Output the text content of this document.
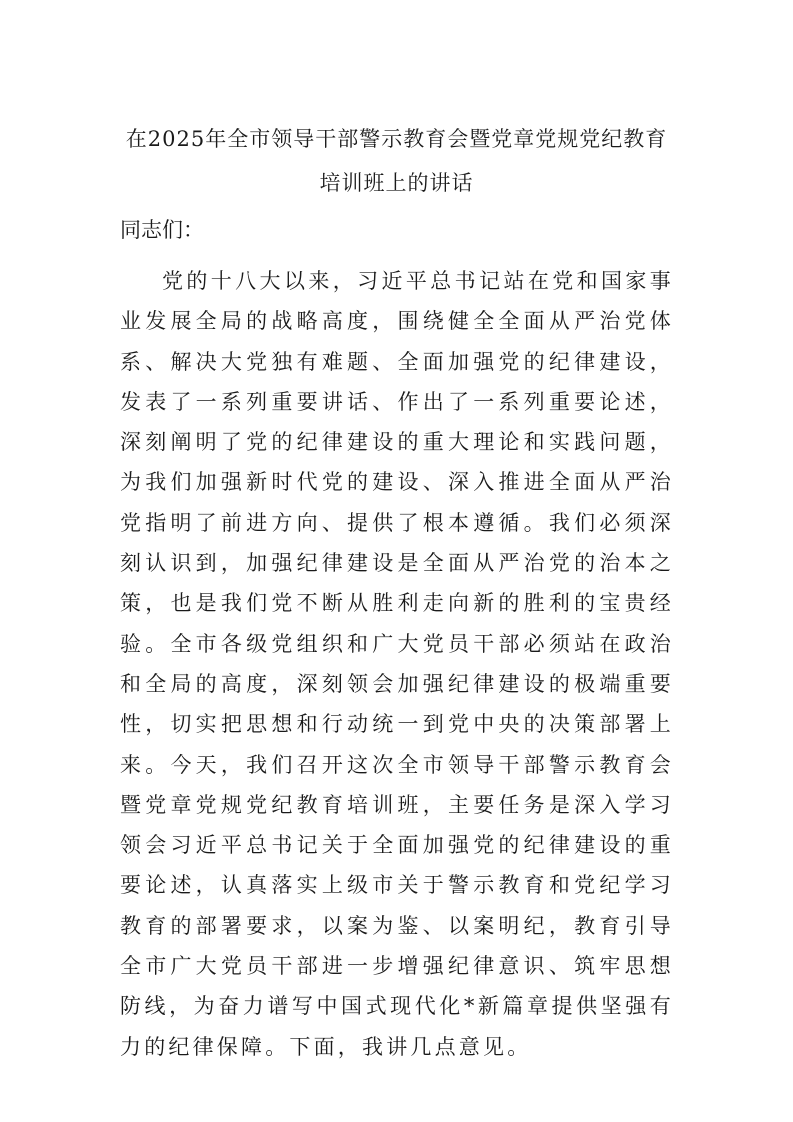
在2025年全市领导干部警示教育会暨党章党规党纪教育培训班上的讲话

同志们：

党的十八大以来，习近平总书记站在党和国家事业发展全局的战略高度，围绕健全全面从严治党体系、解决大党独有难题、全面加强党的纪律建设，发表了一系列重要讲话、作出了一系列重要论述，深刻阐明了党的纪律建设的重大理论和实践问题，为我们加强新时代党的建设、深入推进全面从严治党指明了前进方向、提供了根本遵循。我们必须深刻认识到，加强纪律建设是全面从严治党的治本之策，也是我们党不断从胜利走向新的胜利的宝贵经验。全市各级党组织和广大党员干部必须站在政治和全局的高度，深刻领会加强纪律建设的极端重要性，切实把思想和行动统一到党中央的决策部署上来。今天，我们召开这次全市领导干部警示教育会暨党章党规党纪教育培训班，主要任务是深入学习领会习近平总书记关于全面加强党的纪律建设的重要论述，认真落实上级市关于警示教育和党纪学习教育的部署要求，以案为鉴、以案明纪，教育引导全市广大党员干部进一步增强纪律意识、筑牢思想防线，为奋力谱写中国式现代化*新篇章提供坚强有力的纪律保障。下面，我讲几点意见。
